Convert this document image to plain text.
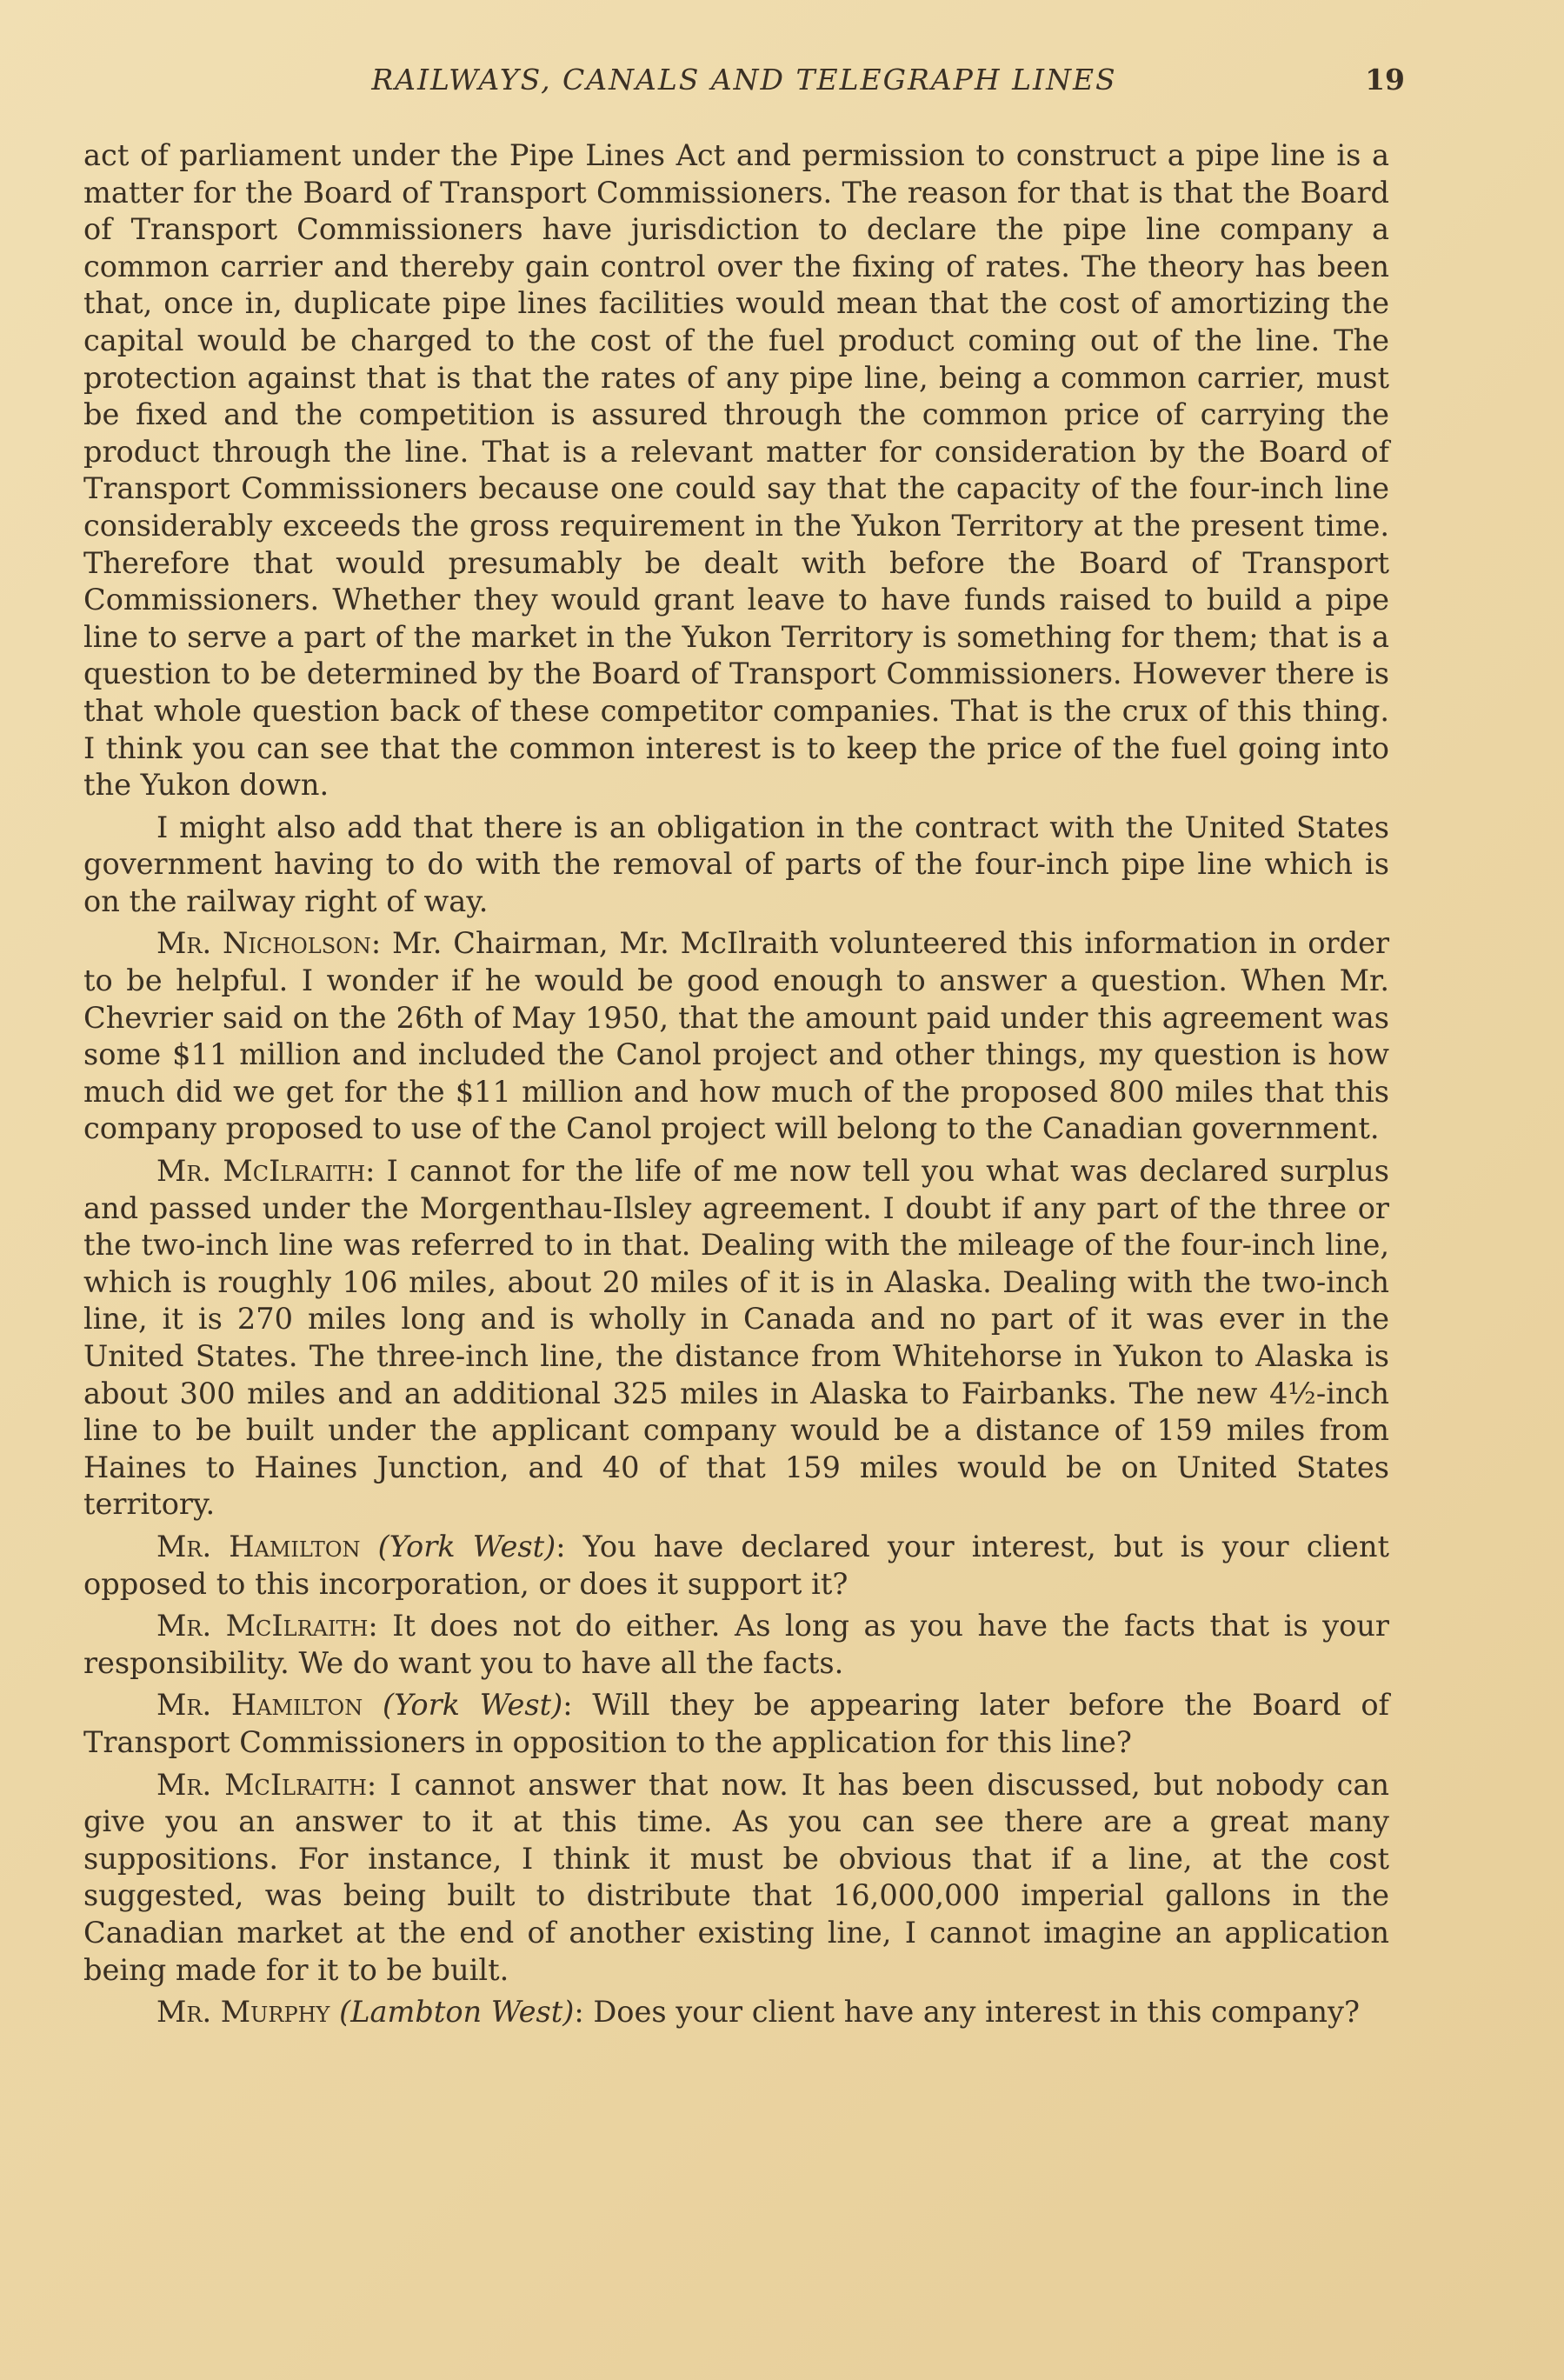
RAILWAYS, CANALS AND TELEGRAPH LINES	19

act of parliament under the Pipe Lines Act and permission to construct a pipe line is a matter for the Board of Transport Commissioners. The reason for that is that the Board of Transport Commissioners have jurisdiction to declare the pipe line company a common carrier and thereby gain control over the fixing of rates. The theory has been that, once in, duplicate pipe lines facilities would mean that the cost of amortizing the capital would be charged to the cost of the fuel product coming out of the line. The protection against that is that the rates of any pipe line, being a common carrier, must be fixed and the competition is assured through the common price of carrying the product through the line. That is a relevant matter for consideration by the Board of Transport Commissioners because one could say that the capacity of the four-inch line considerably exceeds the gross requirement in the Yukon Territory at the present time. Therefore that would presumably be dealt with before the Board of Transport Commissioners. Whether they would grant leave to have funds raised to build a pipe line to serve a part of the market in the Yukon Territory is something for them; that is a question to be determined by the Board of Transport Commissioners. However there is that whole question back of these competitor companies. That is the crux of this thing. I think you can see that the common interest is to keep the price of the fuel going into the Yukon down.

I might also add that there is an obligation in the contract with the United States government having to do with the removal of parts of the four-inch pipe line which is on the railway right of way.

Mr. Nicholson: Mr. Chairman, Mr. McIlraith volunteered this information in order to be helpful. I wonder if he would be good enough to answer a question. When Mr. Chevrier said on the 26th of May 1950, that the amount paid under this agreement was some $11 million and included the Canol project and other things, my question is how much did we get for the $11 million and how much of the proposed 800 miles that this company proposed to use of the Canol project will belong to the Canadian government.

Mr. McIlraith: I cannot for the life of me now tell you what was declared surplus and passed under the Morgenthau-Ilsley agreement. I doubt if any part of the three or the two-inch line was referred to in that. Dealing with the mileage of the four-inch line, which is roughly 106 miles, about 20 miles of it is in Alaska. Dealing with the two-inch line, it is 270 miles long and is wholly in Canada and no part of it was ever in the United States. The three-inch line, the distance from Whitehorse in Yukon to Alaska is about 300 miles and an additional 325 miles in Alaska to Fairbanks. The new 4½-inch line to be built under the applicant company would be a distance of 159 miles from Haines to Haines Junction, and 40 of that 159 miles would be on United States territory.

Mr. Hamilton (York West): You have declared your interest, but is your client opposed to this incorporation, or does it support it?

Mr. McIlraith: It does not do either. As long as you have the facts that is your responsibility. We do want you to have all the facts.

Mr. Hamilton (York West): Will they be appearing later before the Board of Transport Commissioners in opposition to the application for this line?

Mr. McIlraith: I cannot answer that now. It has been discussed, but nobody can give you an answer to it at this time. As you can see there are a great many suppositions. For instance, I think it must be obvious that if a line, at the cost suggested, was being built to distribute that 16,000,000 imperial gallons in the Canadian market at the end of another existing line, I cannot imagine an application being made for it to be built.

Mr. Murphy (Lambton West): Does your client have any interest in this company?
